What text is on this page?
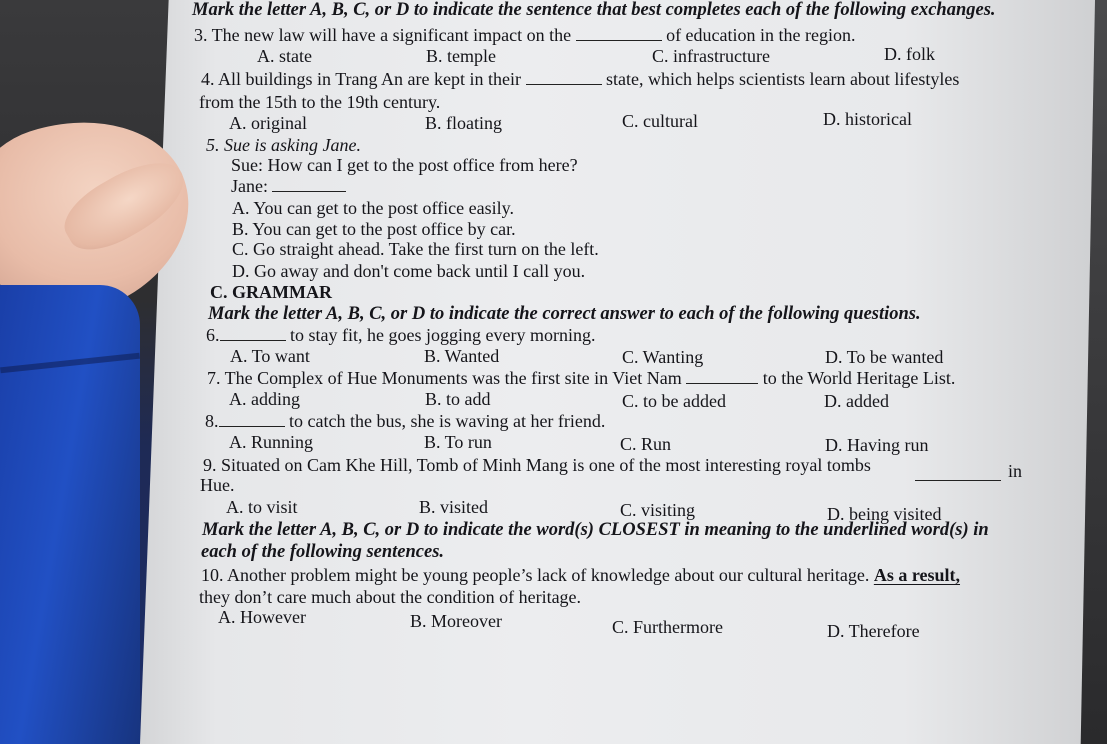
Mark the letter A, B, C, or D to indicate the sentence that best completes each of the following exchanges.
3. The new law will have a significant impact on the	of education in the region.
A. state	B. temple	C. infrastructure	D. folk
4. All buildings in Trang An are kept in their	state, which helps scientists learn about lifestyles
from the 15th to the 19th century.
A. original	B. floating	C. cultural	D. historical
5. Sue is asking Jane.
Sue: How can I get to the post office from here?
Jane:
A. You can get to the post office easily.
B. You can get to the post office by car.
C. Go straight ahead. Take the first turn on the left.
D. Go away and don't come back until I call you.
C. GRAMMAR
Mark the letter A, B, C, or D to indicate the correct answer to each of the following questions.
6.	to stay fit, he goes jogging every morning.
A. To want	B. Wanted	C. Wanting	D. To be wanted
7. The Complex of Hue Monuments was the first site in Viet Nam	to the World Heritage List.
A. adding	B. to add	C. to be added	D. added
8.	to catch the bus, she is waving at her friend.
A. Running	B. To run	C. Run	D. Having run
9. Situated on Cam Khe Hill, Tomb of Minh Mang is one of the most interesting royal tombs	in
Hue.
A. to visit	B. visited	C. visiting	D. being visited
Mark the letter A, B, C, or D to indicate the word(s) CLOSEST in meaning to the underlined word(s) in
each of the following sentences.
10. Another problem might be young people’s lack of knowledge about our cultural heritage. As a result,
they don’t care much about the condition of heritage.
A. However	B. Moreover	C. Furthermore	D. Therefore
